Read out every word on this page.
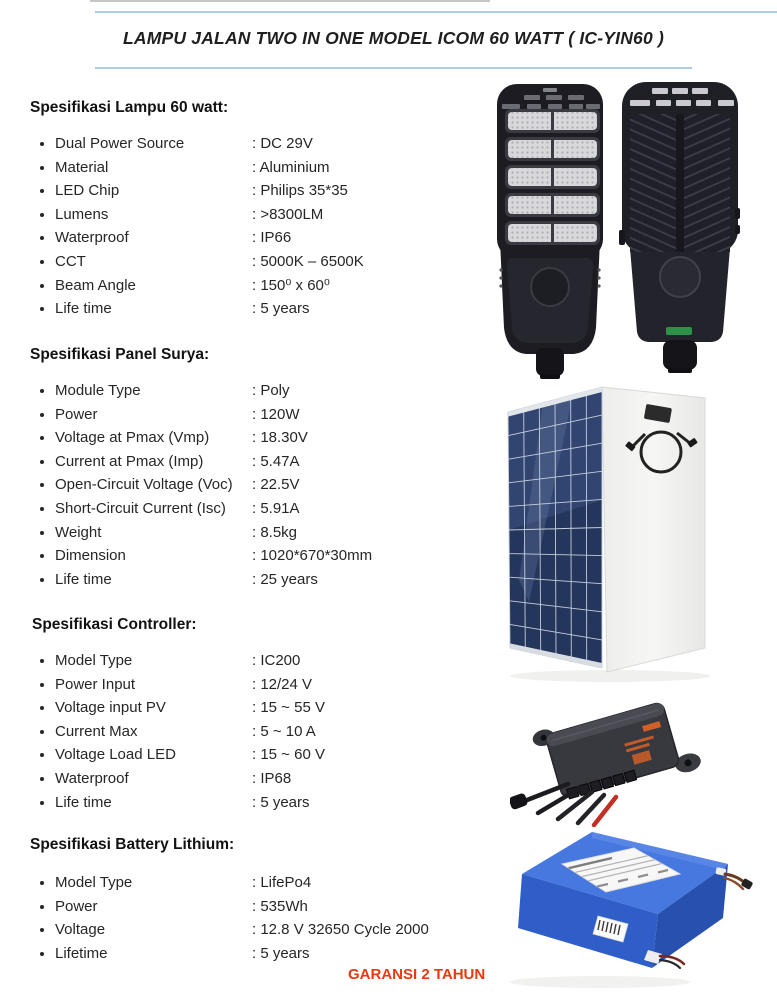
LAMPU JALAN TWO IN ONE MODEL ICOM 60 WATT ( IC-YIN60 )
Spesifikasi Lampu 60 watt:
• Dual Power Source	: DC 29V
• Material	: Aluminium
• LED Chip	: Philips 35*35
• Lumens	: >8300LM
• Waterproof	: IP66
• CCT	: 5000K – 6500K
• Beam Angle	: 150⁰ x 60⁰
• Life time	: 5 years
Spesifikasi Panel Surya:
• Module Type	: Poly
• Power	: 120W
• Voltage at Pmax (Vmp)	: 18.30V
• Current at Pmax (Imp)	: 5.47A
• Open-Circuit Voltage (Voc) : 22.5V
• Short-Circuit Current (Isc) : 5.91A
• Weight	: 8.5kg
• Dimension	: 1020*670*30mm
• Life time	: 25 years
Spesifikasi Controller:
• Model Type	: IC200
• Power Input	: 12/24 V
• Voltage input PV	: 15 ~ 55 V
• Current Max	: 5 ~ 10 A
• Voltage Load LED	: 15 ~ 60 V
• Waterproof	: IP68
• Life time	: 5 years
Spesifikasi Battery Lithium:
• Model Type	: LifePo4
• Power	: 535Wh
• Voltage	: 12.8 V 32650 Cycle 2000
• Lifetime	: 5 years
GARANSI 2 TAHUN
